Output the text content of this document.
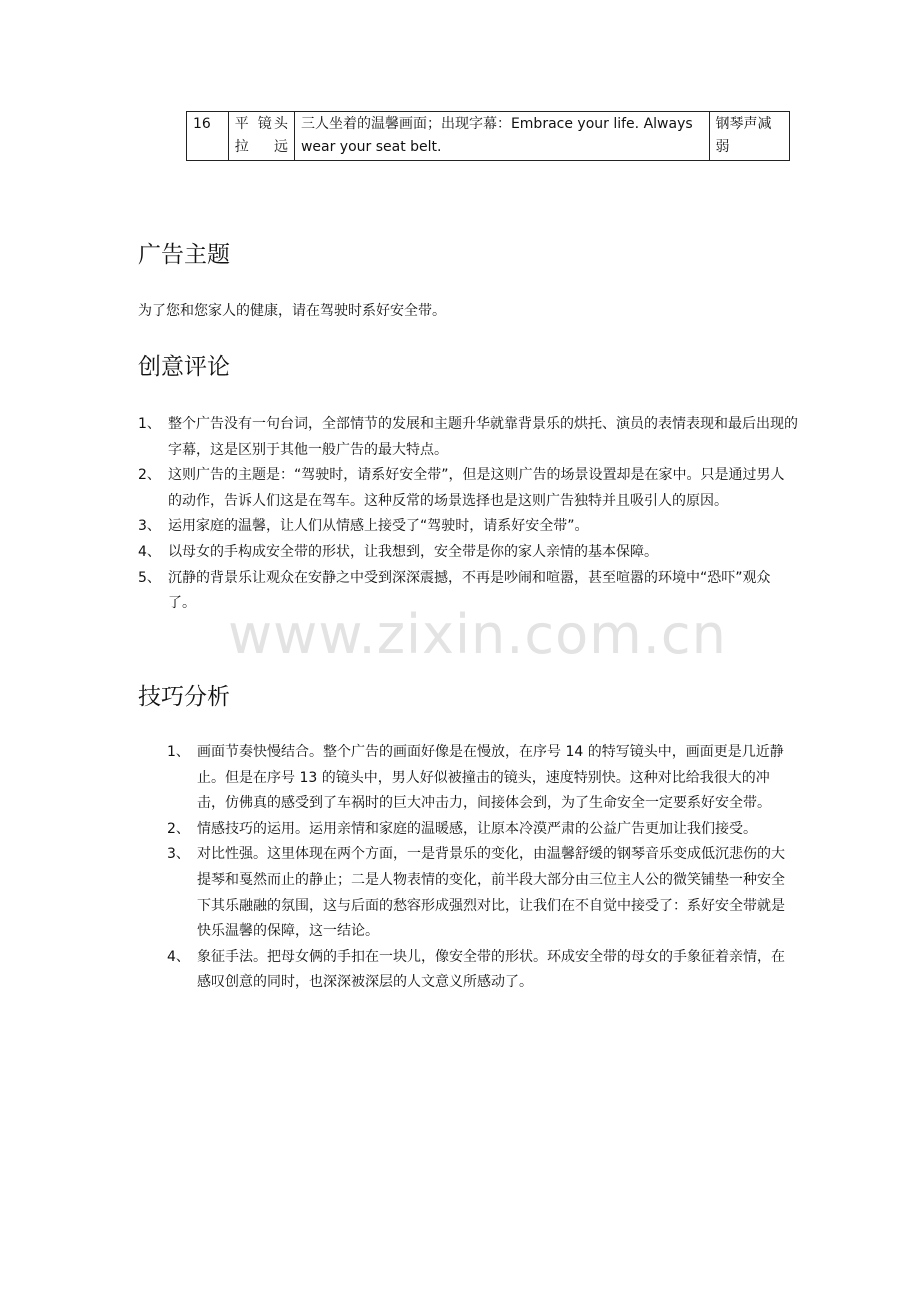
16	平 镜头拉远	三人坐着的温馨画面；出现字幕：Embrace your life. Always wear your seat belt.	钢琴声减弱
广告主题

为了您和您家人的健康，请在驾驶时系好安全带。

创意评论
1、 整个广告没有一句台词，全部情节的发展和主题升华就靠背景乐的烘托、演员的表情表现和最后出现的字幕，这是区别于其他一般广告的最大特点。
2、 这则广告的主题是：“驾驶时，请系好安全带”，但是这则广告的场景设置却是在家中。只是通过男人的动作，告诉人们这是在驾车。这种反常的场景选择也是这则广告独特并且吸引人的原因。
3、 运用家庭的温馨，让人们从情感上接受了“驾驶时，请系好安全带”。
4、 以母女的手构成安全带的形状，让我想到，安全带是你的家人亲情的基本保障。
5、 沉静的背景乐让观众在安静之中受到深深震撼，不再是吵闹和喧嚣，甚至喧嚣的环境中“恐吓”观众了。 www.zixin.com.cn
技巧分析
1、 画面节奏快慢结合。整个广告的画面好像是在慢放，在序号 14 的特写镜头中，画面更是几近静止。但是在序号 13 的镜头中，男人好似被撞击的镜头，速度特别快。这种对比给我很大的冲击，仿佛真的感受到了车祸时的巨大冲击力，间接体会到，为了生命安全一定要系好安全带。
2、 情感技巧的运用。运用亲情和家庭的温暖感，让原本冷漠严肃的公益广告更加让我们接受。
3、 对比性强。这里体现在两个方面，一是背景乐的变化，由温馨舒缓的钢琴音乐变成低沉悲伤的大提琴和戛然而止的静止；二是人物表情的变化，前半段大部分由三位主人公的微笑铺垫一种安全下其乐融融的氛围，这与后面的愁容形成强烈对比，让我们在不自觉中接受了：系好安全带就是快乐温馨的保障，这一结论。
4、 象征手法。把母女俩的手扣在一块儿，像安全带的形状。环成安全带的母女的手象征着亲情，在感叹创意的同时，也深深被深层的人文意义所感动了。
